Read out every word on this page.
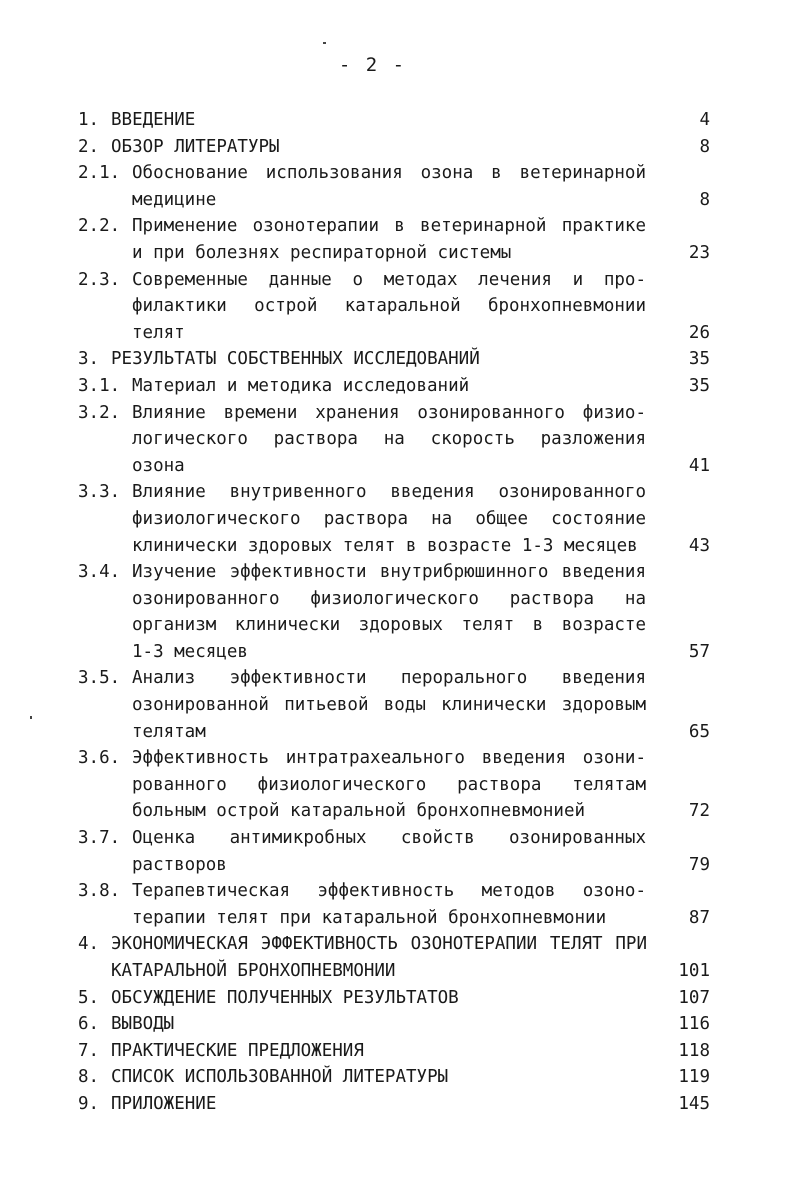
- 2 -
1. ВВЕДЕНИЕ	4
2. ОБЗОР ЛИТЕРАТУРЫ	8
2.1. Обоснование использования озона в ветеринарной
медицине	8
2.2. Применение озонотерапии в ветеринарной практике
и при болезнях респираторной системы	23
2.3. Современные данные о методах лечения и про-
филактики острой катаральной бронхопневмонии
телят	26
3. РЕЗУЛЬТАТЫ СОБСТВЕННЫХ ИССЛЕДОВАНИЙ	35
3.1. Материал и методика исследований	35
3.2. Влияние времени хранения озонированного физио-
логического раствора на скорость разложения
озона	41
3.3. Влияние внутривенного введения озонированного
физиологического раствора на общее состояние
клинически здоровых телят в возрасте 1-3 месяцев	43
3.4. Изучение эффективности внутрибрюшинного введения
озонированного физиологического раствора на
организм клинически здоровых телят в возрасте
1-3 месяцев	57
3.5. Анализ эффективности перорального введения
озонированной питьевой воды клинически здоровым
телятам	65
3.6. Эффективность интратрахеального введения озони-
рованного физиологического раствора телятам
больным острой катаральной бронхопневмонией	72
3.7. Оценка антимикробных свойств озонированных
растворов	79
3.8. Терапевтическая эффективность методов озоно-
терапии телят при катаральной бронхопневмонии	87
4. ЭКОНОМИЧЕСКАЯ ЭФФЕКТИВНОСТЬ ОЗОНОТЕРАПИИ ТЕЛЯТ ПРИ
КАТАРАЛЬНОЙ БРОНХОПНЕВМОНИИ	101
5. ОБСУЖДЕНИЕ ПОЛУЧЕННЫХ РЕЗУЛЬТАТОВ	107
6. ВЫВОДЫ	116
7. ПРАКТИЧЕСКИЕ ПРЕДЛОЖЕНИЯ	118
8. СПИСОК ИСПОЛЬЗОВАННОЙ ЛИТЕРАТУРЫ	119
9. ПРИЛОЖЕНИЕ	145
